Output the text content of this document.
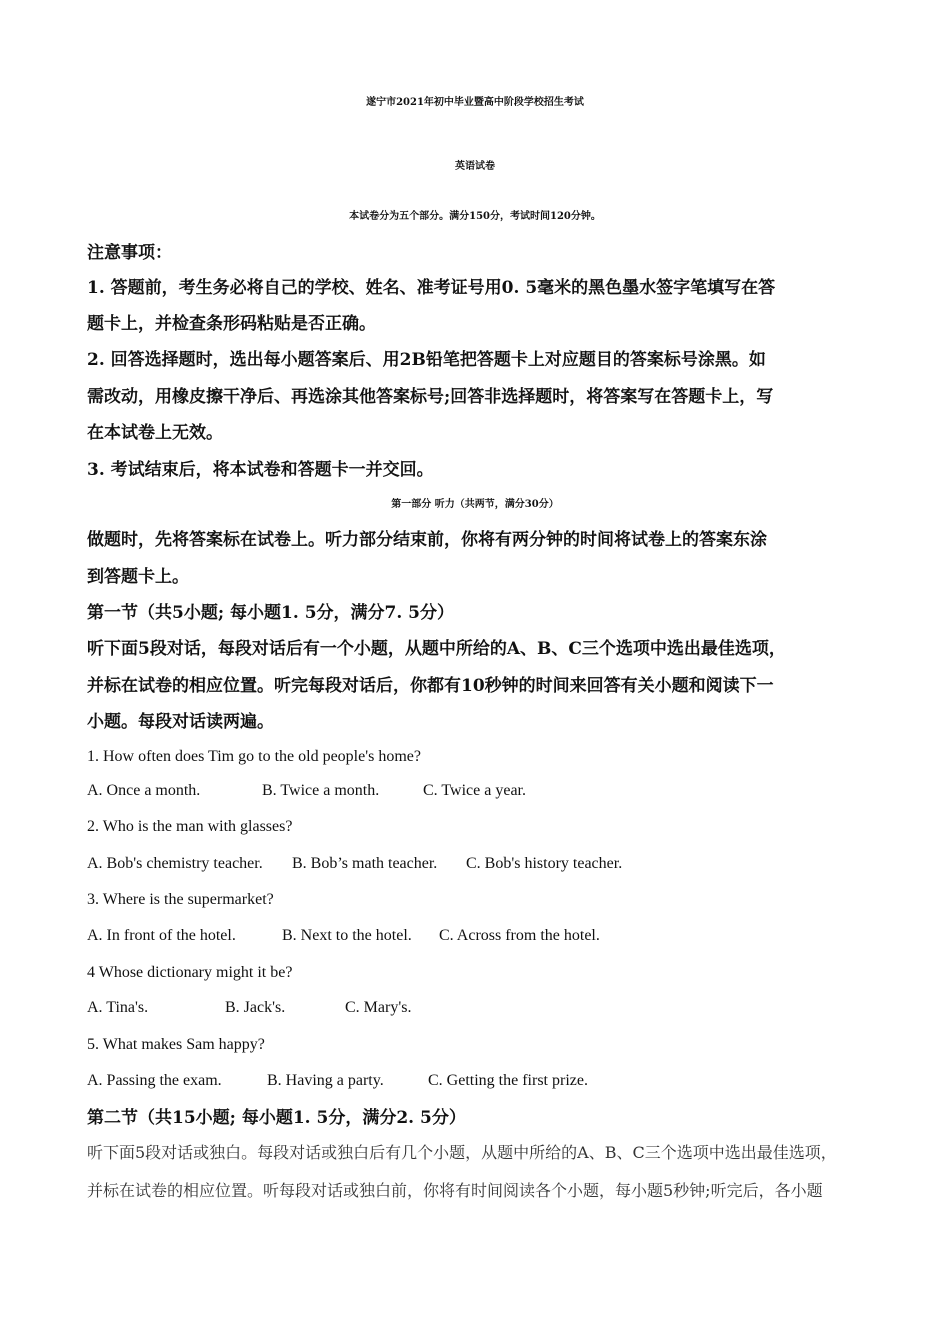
遂宁市2021年初中毕业暨高中阶段学校招生考试
英语试卷
本试卷分为五个部分。满分150分，考试时间120分钟。
注意事项：
1. 答题前，考生务必将自己的学校、姓名、准考证号用0. 5毫米的黑色墨水签字笔填写在答
题卡上，并检查条形码粘贴是否正确。
2. 回答选择题时，选出每小题答案后、用2B铅笔把答题卡上对应题目的答案标号涂黑。如
需改动，用橡皮擦干净后、再选涂其他答案标号;回答非选择题时，将答案写在答题卡上，写
在本试卷上无效。
3. 考试结束后，将本试卷和答题卡一并交回。
第一部分 听力（共两节，满分30分）
做题时，先将答案标在试卷上。听力部分结束前，你将有两分钟的时间将试卷上的答案东涂
到答题卡上。
第一节（共5小题; 每小题1. 5分，满分7. 5分）
听下面5段对话，每段对话后有一个小题，从题中所给的A、B、C三个选项中选出最佳选项，
并标在试卷的相应位置。听完每段对话后，你都有10秒钟的时间来回答有关小题和阅读下一
小题。每段对话读两遍。
1. How often does Tim go to the old people's home?
A. Once a month.	B. Twice a month.	C. Twice a year.
2. Who is the man with glasses?
A. Bob's chemistry teacher. B. Bob’s math teacher. C. Bob's history teacher.
3. Where is the supermarket?
A. In front of the hotel.	B. Next to the hotel. C. Across from the hotel.
4 Whose dictionary might it be?
A. Tina's.	B. Jack's.	C. Mary's.
5. What makes Sam happy?
A. Passing the exam.	B. Having a party.	C. Getting the first prize.
第二节（共15小题; 每小题1. 5分，满分2. 5分）
听下面5段对话或独白。每段对话或独白后有几个小题，从题中所给的A、B、C三个选项中选出最佳选项，
并标在试卷的相应位置。听每段对话或独白前，你将有时间阅读各个小题，每小题5秒钟;听完后，各小题
